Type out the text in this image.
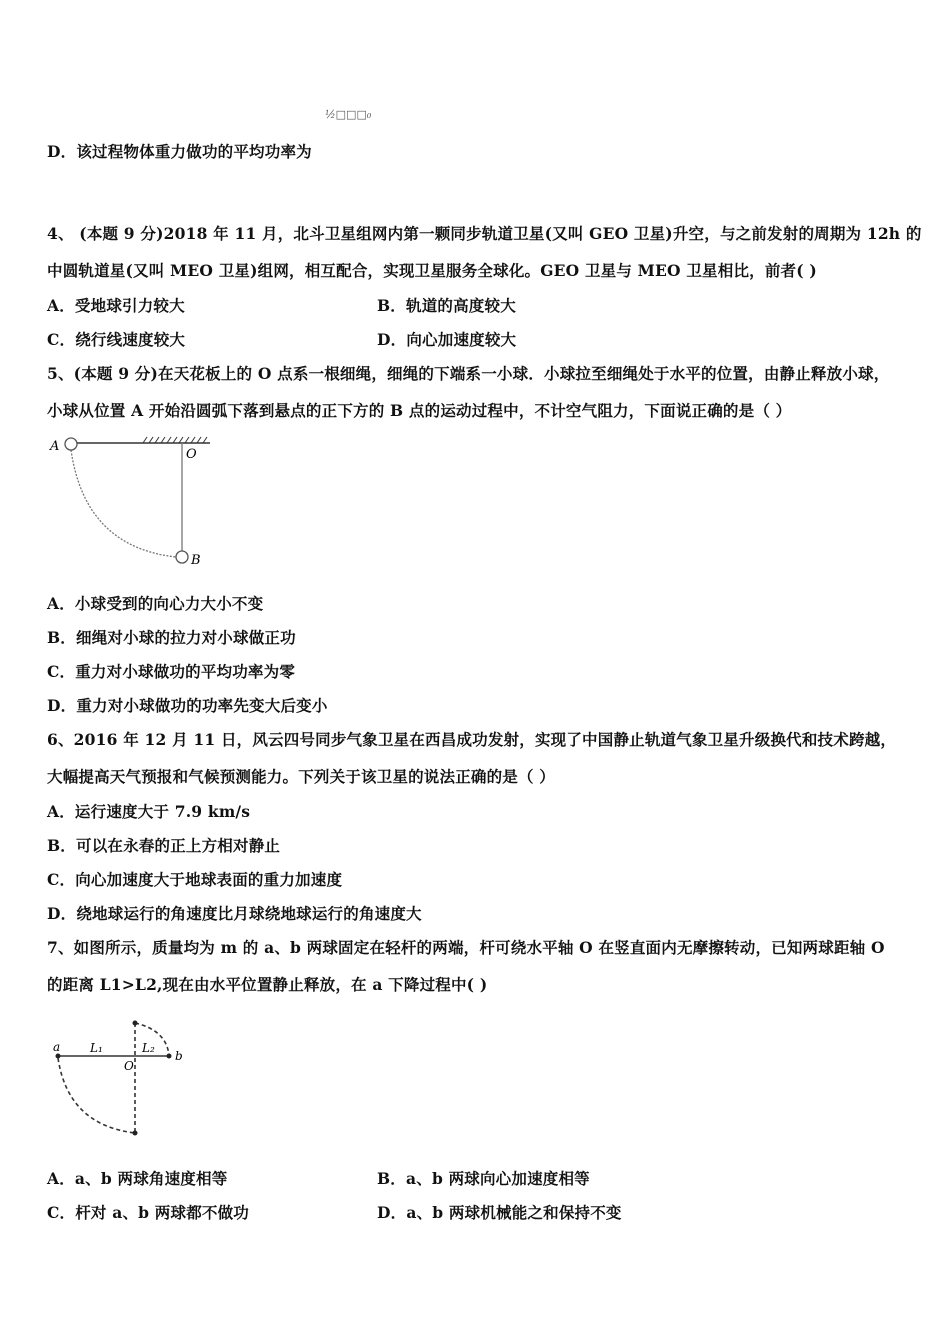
½□□□₀
D．该过程物体重力做功的平均功率为
4、 (本题 9 分)2018 年 11 月，北斗卫星组网内第一颗同步轨道卫星(又叫 GEO 卫星)升空，与之前发射的周期为 12h 的
中圆轨道星(又叫 MEO 卫星)组网，相互配合，实现卫星服务全球化。GEO 卫星与 MEO 卫星相比，前者( )
A．受地球引力较大	B．轨道的高度较大
C．绕行线速度较大	D．向心加速度较大
5、(本题 9 分)在天花板上的 O 点系一根细绳，细绳的下端系一小球．小球拉至细绳处于水平的位置，由静止释放小球，
小球从位置 A 开始沿圆弧下落到悬点的正下方的 B 点的运动过程中，不计空气阻力，下面说正确的是（ ）
A
O
B
A．小球受到的向心力大小不变
B．细绳对小球的拉力对小球做正功
C．重力对小球做功的平均功率为零
D．重力对小球做功的功率先变大后变小
6、2016 年 12 月 11 日，风云四号同步气象卫星在西昌成功发射，实现了中国静止轨道气象卫星升级换代和技术跨越，
大幅提高天气预报和气候预测能力。下列关于该卫星的说法正确的是（ ）
A．运行速度大于 7.9 km/s
B．可以在永春的正上方相对静止
C．向心加速度大于地球表面的重力加速度
D．绕地球运行的角速度比月球绕地球运行的角速度大
7、如图所示，质量均为 m 的 a、b 两球固定在轻杆的两端，杆可绕水平轴 O 在竖直面内无摩擦转动，已知两球距轴 O
的距离 L1>L2,现在由水平位置静止释放，在 a 下降过程中( )
a L₁
O
L₂
b
A．a、b 两球角速度相等	B．a、b 两球向心加速度相等
C．杆对 a、b 两球都不做功	D．a、b 两球机械能之和保持不变
